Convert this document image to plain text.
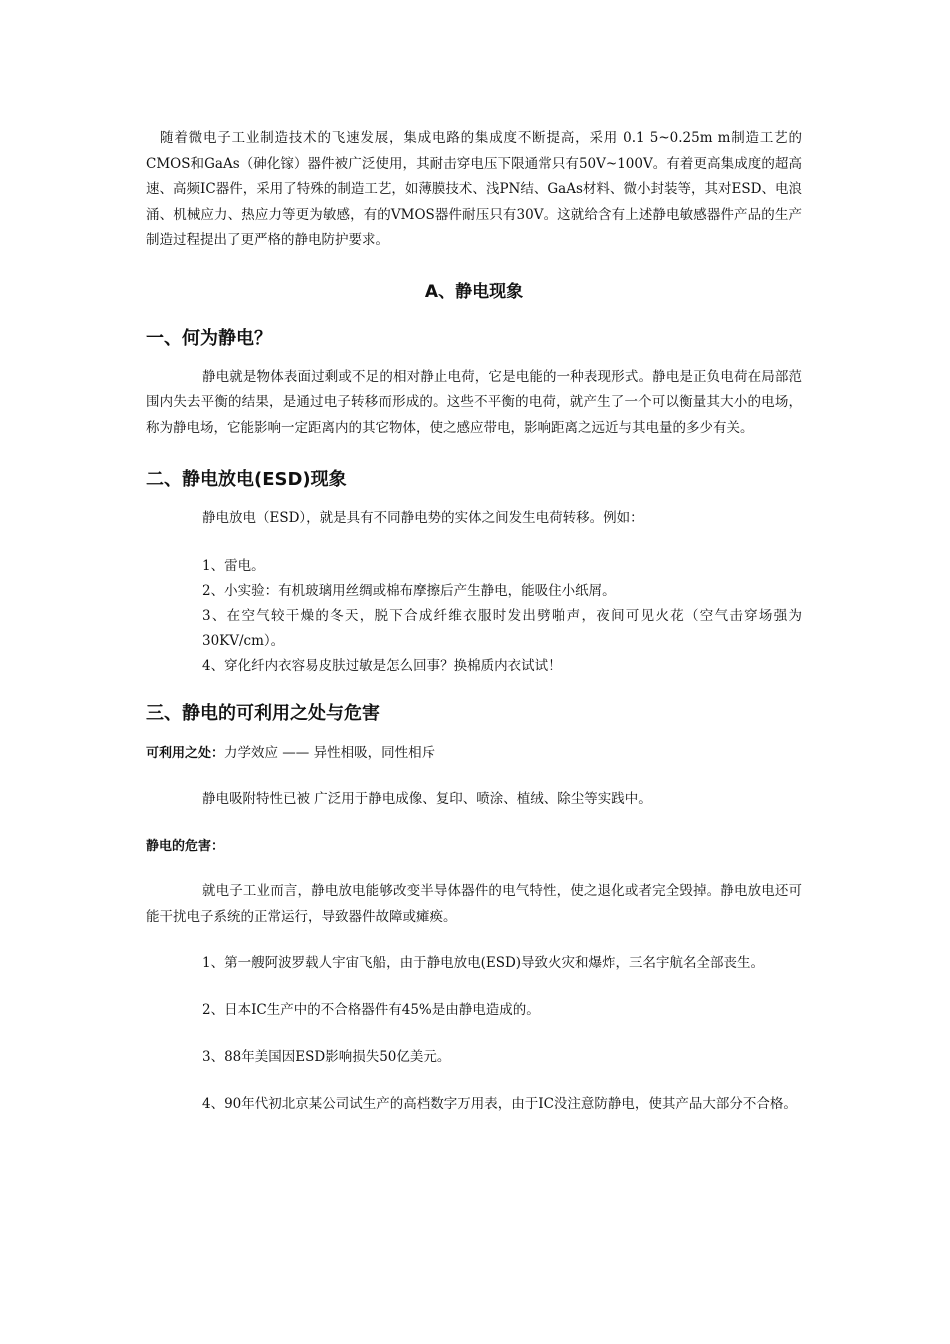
随着微电子工业制造技术的飞速发展，集成电路的集成度不断提高，采用 0.1 5~0.25m m制造工艺的CMOS和GaAs（砷化镓）器件被广泛使用，其耐击穿电压下限通常只有50V~100V。有着更高集成度的超高速、高频IC器件，采用了特殊的制造工艺，如薄膜技术、浅PN结、GaAs材料、微小封装等，其对ESD、电浪涌、机械应力、热应力等更为敏感，有的VMOS器件耐压只有30V。这就给含有上述静电敏感器件产品的生产制造过程提出了更严格的静电防护要求。

A、静电现象

一、何为静电？

静电就是物体表面过剩或不足的相对静止电荷，它是电能的一种表现形式。静电是正负电荷在局部范围内失去平衡的结果，是通过电子转移而形成的。这些不平衡的电荷，就产生了一个可以衡量其大小的电场，称为静电场，它能影响一定距离内的其它物体，使之感应带电，影响距离之远近与其电量的多少有关。

二、静电放电(ESD)现象

静电放电（ESD），就是具有不同静电势的实体之间发生电荷转移。例如：

1、雷电。

2、小实验：有机玻璃用丝绸或棉布摩擦后产生静电，能吸住小纸屑。

3、在空气较干燥的冬天，脱下合成纤维衣服时发出劈啪声，夜间可见火花（空气击穿场强为30KV/cm）。

4、穿化纤内衣容易皮肤过敏是怎么回事？换棉质内衣试试！

三、静电的可利用之处与危害

可利用之处：力学效应 —— 异性相吸，同性相斥

静电吸附特性已被 广泛用于静电成像、复印、喷涂、植绒、除尘等实践中。

静电的危害：

就电子工业而言，静电放电能够改变半导体器件的电气特性，使之退化或者完全毁掉。静电放电还可能干扰电子系统的正常运行，导致器件故障或瘫痪。

1、第一艘阿波罗载人宇宙飞船，由于静电放电(ESD)导致火灾和爆炸，三名宇航名全部丧生。

2、日本IC生产中的不合格器件有45%是由静电造成的。

3、88年美国因ESD影响损失50亿美元。

4、90年代初北京某公司试生产的高档数字万用表，由于IC没注意防静电，使其产品大部分不合格。
